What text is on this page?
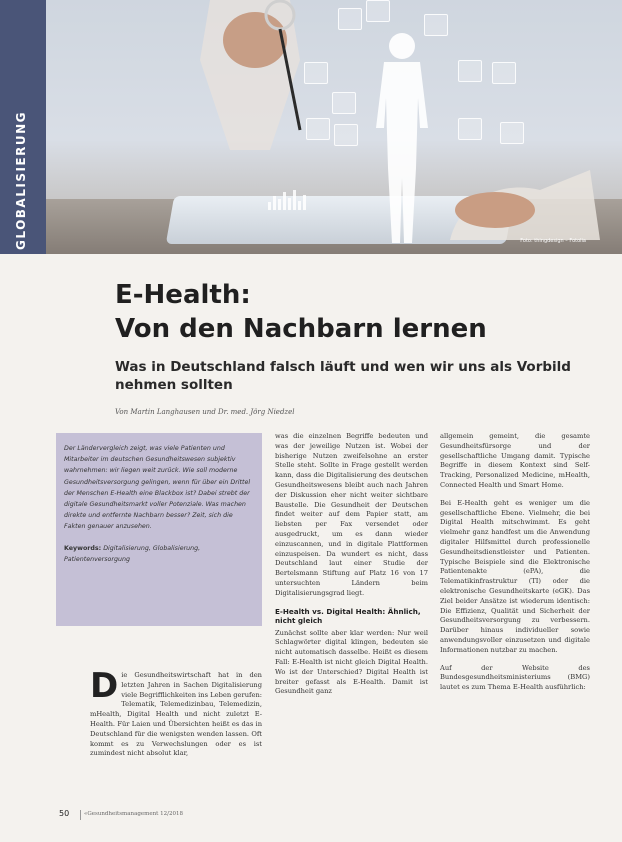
Foto: thingdesign – Fotolia
GLOBALISIERUNG
E-Health:
Von den Nachbarn lernen
Was in Deutschland falsch läuft und wen wir uns als Vorbild nehmen sollten
Von Martin Langhausen und Dr. med. Jörg Niedzel

Der Ländervergleich zeigt, was viele Patienten und Mitarbeiter im deutschen Gesundheitswesen subjektiv wahrnehmen: wir liegen weit zurück. Wie soll moderne Gesundheitsversorgung gelingen, wenn für über ein Drittel der Menschen E-Health eine Blackbox ist? Dabei strebt der digitale Gesundheitsmarkt voller Potenziale. Was machen direkte und entfernte Nachbarn besser? Zeit, sich die Fakten genauer anzusehen.

Keywords: Digitalisierung, Globalisierung, Patientenversorgung

Die Gesundheitswirtschaft hat in den letzten Jahren in Sachen Digitalisierung viele Begrifflichkeiten ins Leben gerufen: Telematik, Telemedizinbau, Telemedizin, mHealth, Digital Health und nicht zuletzt E-Health. Für Laien und Übersichten heißt es das in Deutschland für die wenigsten wenden lassen. Oft kommt es zu Verwechslungen oder es ist zumindest nicht absolut klar,

was die einzelnen Begriffe bedeuten und was der jeweilige Nutzen ist. Wobei der bisherige Nutzen zweifelsohne an erster Stelle steht. Sollte in Frage gestellt werden kann, dass die Digitalisierung des deutschen Gesundheitswesens bleibt auch nach Jahren der Diskussion eher nicht weiter sichtbare Baustelle. Die Gesundheit der Deutschen findet weiter auf dem Papier statt, am liebsten per Fax versendet oder ausgedruckt, um es dann wieder einzuscannen, und in digitale Plattformen einzuspeisen. Da wundert es nicht, dass Deutschland laut einer Studie der Bertelsmann Stiftung auf Platz 16 von 17 untersuchten Ländern beim Digitalisierungsgrad liegt.

E-Health vs. Digital Health: Ähnlich, nicht gleich

Zunächst sollte aber klar werden: Nur weil Schlagwörter digital klingen, bedeuten sie nicht automatisch dasselbe. Heißt es diesem Fall: E-Health ist nicht gleich Digital Health. Wo ist der Unterschied? Digital Health ist breiter gefasst als E-Health. Damit ist Gesundheit ganz

allgemein gemeint, die gesamte Gesundheitsfürsorge und der gesellschaftliche Umgang damit. Typische Begriffe in diesem Kontext sind Self-Tracking, Personalized Medicine, mHealth, Connected Health und Smart Home.

Bei E-Health geht es weniger um die gesellschaftliche Ebene. Vielmehr, die bei Digital Health mitschwimmt. Es geht vielmehr ganz handfest um die Anwendung digitaler Hilfsmittel durch professionelle Gesundheitsdienstleister und Patienten. Typische Beispiele sind die Elektronische Patientenakte (ePA), die Telematikinfrastruktur (TI) oder die elektronische Gesundheitskarte (eGK). Das Ziel beider Ansätze ist wiederum identisch: Die Effizienz, Qualität und Sicherheit der Gesundheitsversorgung zu verbessern. Darüber hinaus individueller sowie anwendungsvoller einzusetzen und digitale Informationen nutzbar zu machen.

Auf der Website des Bundesgesundheitsministeriums (BMG) lautet es zum Thema E-Health ausführlich:

50	«Gesundheitsmanagement 12/2018
